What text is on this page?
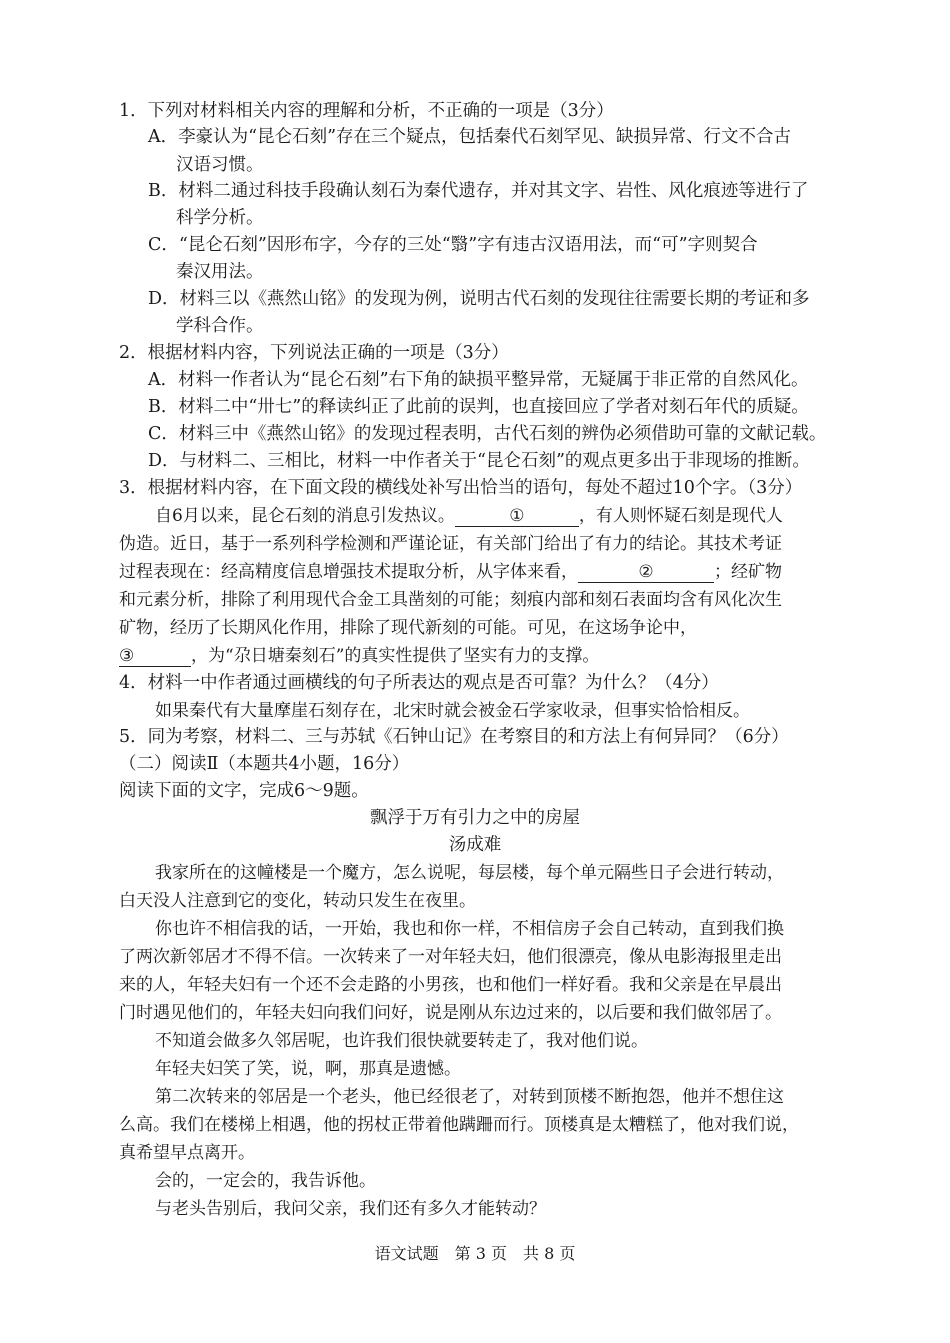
1．下列对材料相关内容的理解和分析，不正确的一项是（3分）
A．李豪认为“昆仑石刻”存在三个疑点，包括秦代石刻罕见、缺损异常、行文不合古
汉语习惯。
B．材料二通过科技手段确认刻石为秦代遗存，并对其文字、岩性、风化痕迹等进行了
科学分析。
C．“昆仑石刻”因形布字，今存的三处“翳”字有违古汉语用法，而“可”字则契合
秦汉用法。
D．材料三以《燕然山铭》的发现为例，说明古代石刻的发现往往需要长期的考证和多
学科合作。
2．根据材料内容，下列说法正确的一项是（3分）
A．材料一作者认为“昆仑石刻”右下角的缺损平整异常，无疑属于非正常的自然风化。
B．材料二中“卅七”的释读纠正了此前的误判，也直接回应了学者对刻石年代的质疑。
C．材料三中《燕然山铭》的发现过程表明，古代石刻的辨伪必须借助可靠的文献记载。
D．与材料二、三相比，材料一中作者关于“昆仑石刻”的观点更多出于非现场的推断。
3．根据材料内容，在下面文段的横线处补写出恰当的语句，每处不超过10个字。（3分）
自6月以来，昆仑石刻的消息引发热议。	①	，有人则怀疑石刻是现代人
伪造。近日，基于一系列科学检测和严谨论证，有关部门给出了有力的结论。其技术考证
过程表现在：经高精度信息增强技术提取分析，从字体来看，	②	；经矿物
和元素分析，排除了利用现代合金工具凿刻的可能；刻痕内部和刻石表面均含有风化次生
矿物，经历了长期风化作用，排除了现代新刻的可能。可见，在这场争论中，
③	，为“尕日塘秦刻石”的真实性提供了坚实有力的支撑。
4．材料一中作者通过画横线的句子所表达的观点是否可靠？为什么？（4分）
如果秦代有大量摩崖石刻存在，北宋时就会被金石学家收录，但事实恰恰相反。
5．同为考察，材料二、三与苏轼《石钟山记》在考察目的和方法上有何异同？（6分）
（二）阅读Ⅱ（本题共4小题，16分）
阅读下面的文字，完成6～9题。
飘浮于万有引力之中的房屋
汤成难
我家所在的这幢楼是一个魔方，怎么说呢，每层楼，每个单元隔些日子会进行转动，
白天没人注意到它的变化，转动只发生在夜里。
你也许不相信我的话，一开始，我也和你一样，不相信房子会自己转动，直到我们换
了两次新邻居才不得不信。一次转来了一对年轻夫妇，他们很漂亮，像从电影海报里走出
来的人，年轻夫妇有一个还不会走路的小男孩，也和他们一样好看。我和父亲是在早晨出
门时遇见他们的，年轻夫妇向我们问好，说是刚从东边过来的，以后要和我们做邻居了。
不知道会做多久邻居呢，也许我们很快就要转走了，我对他们说。
年轻夫妇笑了笑，说，啊，那真是遗憾。
第二次转来的邻居是一个老头，他已经很老了，对转到顶楼不断抱怨，他并不想住这
么高。我们在楼梯上相遇，他的拐杖正带着他蹒跚而行。顶楼真是太糟糕了，他对我们说，
真希望早点离开。
会的，一定会的，我告诉他。
与老头告别后，我问父亲，我们还有多久才能转动？
语文试题　第 3 页　共 8 页
